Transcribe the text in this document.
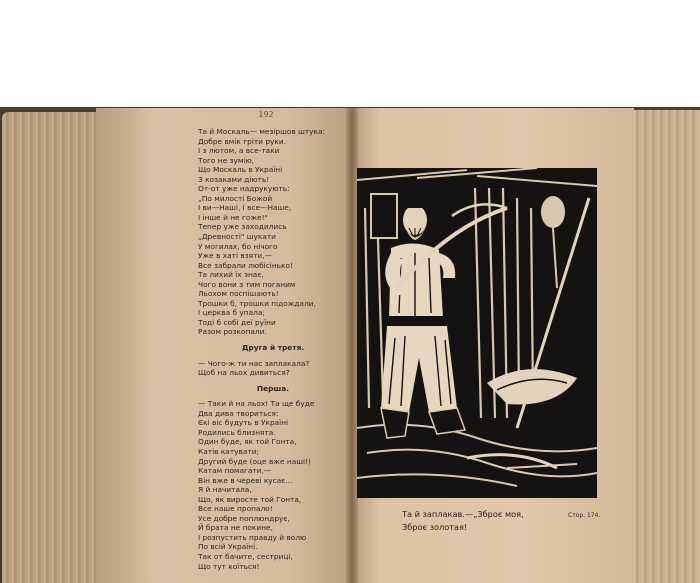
192
Та й Москаль— мезіршов штука:
Добре вмік гріти руки.
І з лютом, а все-таки
Того не зумію,
Що Москаль в Україні
З козаками діють!
От-от уже надрукують:
„По милості Божой
І ви—Наші, і все—Наше,
І інше й не гоже!"
Тепер уже заходились
„Древності" шукати
У могилах, бо нічого
Уже в хаті взяти,—
Все забрали любісінько!
Та лихий їх знає,
Чого вони з тим поганим
Льохом поспішають!
Трошки б, трошки підождали,
І церква б упала;
Тоді б собі деї руїни
Разом розкопали.
Друга й третя.
— Чого-ж ти нас заплакала?
Щоб на льох дивиться?
Перша.
— Таки й на льох! Та ще буде
Два дива твориться:
Єкі віс будуть в Україні
Родились близнята.
Один буде, як той Гонта,
Катів катувати;
Другий буде (оце вже нашi!)
Катам помагати,—
Він вже в череві кусає...
Я й начитала,
Що, як виросте той Гонта,
Все наше пропало!
Усе добре поплюндрує,
Й брата не покине,
І розпустить правду й волю
По всій Україні.
Так от бачите, сестриці,
Що тут коїться!
Та й заплакав.—„Зброє моя,
Зброє золотая!
Стор. 174.
